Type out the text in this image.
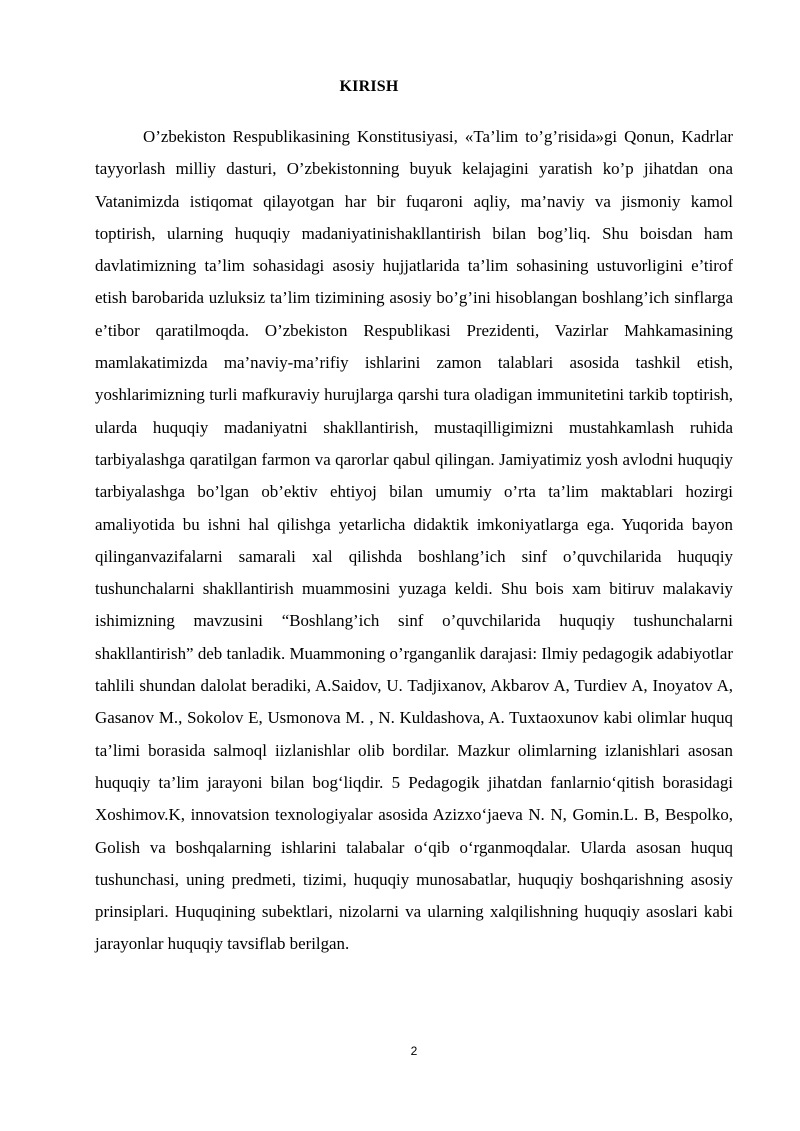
KIRISH

O’zbekiston Respublikasining Konstitusiyasi, «Ta’lim to’g’risida»gi Qonun, Kadrlar tayyorlash milliy dasturi, O’zbekistonning buyuk kelajagini yaratish ko’p jihatdan ona Vatanimizda istiqomat qilayotgan har bir fuqaroni aqliy, ma’naviy va jismoniy kamol toptirish, ularning huquqiy madaniyatinishakllantirish bilan bog’liq. Shu boisdan ham davlatimizning ta’lim sohasidagi asosiy hujjatlarida ta’lim sohasining ustuvorligini e’tirof etish barobarida uzluksiz ta’lim tizimining asosiy bo’g’ini hisoblangan boshlang’ich sinflarga e’tibor qaratilmoqda. O’zbekiston Respublikasi Prezidenti, Vazirlar Mahkamasining mamlakatimizda ma’naviy-ma’rifiy ishlarini zamon talablari asosida tashkil etish, yoshlarimizning turli mafkuraviy hurujlarga qarshi tura oladigan immunitetini tarkib toptirish, ularda huquqiy madaniyatni shakllantirish, mustaqilligimizni mustahkamlash ruhida tarbiyalashga qaratilgan farmon va qarorlar qabul qilingan. Jamiyatimiz yosh avlodni huquqiy tarbiyalashga bo’lgan ob’ektiv ehtiyoj bilan umumiy o’rta ta’lim maktablari hozirgi amaliyotida bu ishni hal qilishga yetarlicha didaktik imkoniyatlarga ega. Yuqorida bayon qilinganvazifalarni samarali xal qilishda boshlang’ich sinf o’quvchilarida huquqiy tushunchalarni shakllantirish muammosini yuzaga keldi. Shu bois xam bitiruv malakaviy ishimizning mavzusini “Boshlang’ich sinf o’quvchilarida huquqiy tushunchalarni shakllantirish” deb tanladik. Muammoning o’rganganlik darajasi: Ilmiy pedagogik adabiyotlar tahlili shundan dalolat beradiki, A.Saidov, U. Tadjixanov, Akbarov A, Turdiev A, Inoyatov A, Gasanov M., Sokolov E, Usmonova M. , N. Kuldashova, A. Tuxtaoxunov kabi olimlar huquq ta’limi borasida salmoql iizlanishlar olib bordilar. Mazkur olimlarning izlanishlari asosan huquqiy ta’lim jarayoni bilan bog‘liqdir. 5 Pedagogik jihatdan fanlarnio‘qitish borasidagi Xoshimov.K, innovatsion texnologiyalar asosida Azizxo‘jaeva N. N, Gomin.L. B, Bespolko, Golish va boshqalarning ishlarini talabalar o‘qib o‘rganmoqdalar. Ularda asosan huquq tushunchasi, uning predmeti, tizimi, huquqiy munosabatlar, huquqiy boshqarishning asosiy prinsiplari. Huquqining subektlari, nizolarni va ularning xalqilishning huquqiy asoslari kabi jarayonlar huquqiy tavsiflab berilgan.

2
